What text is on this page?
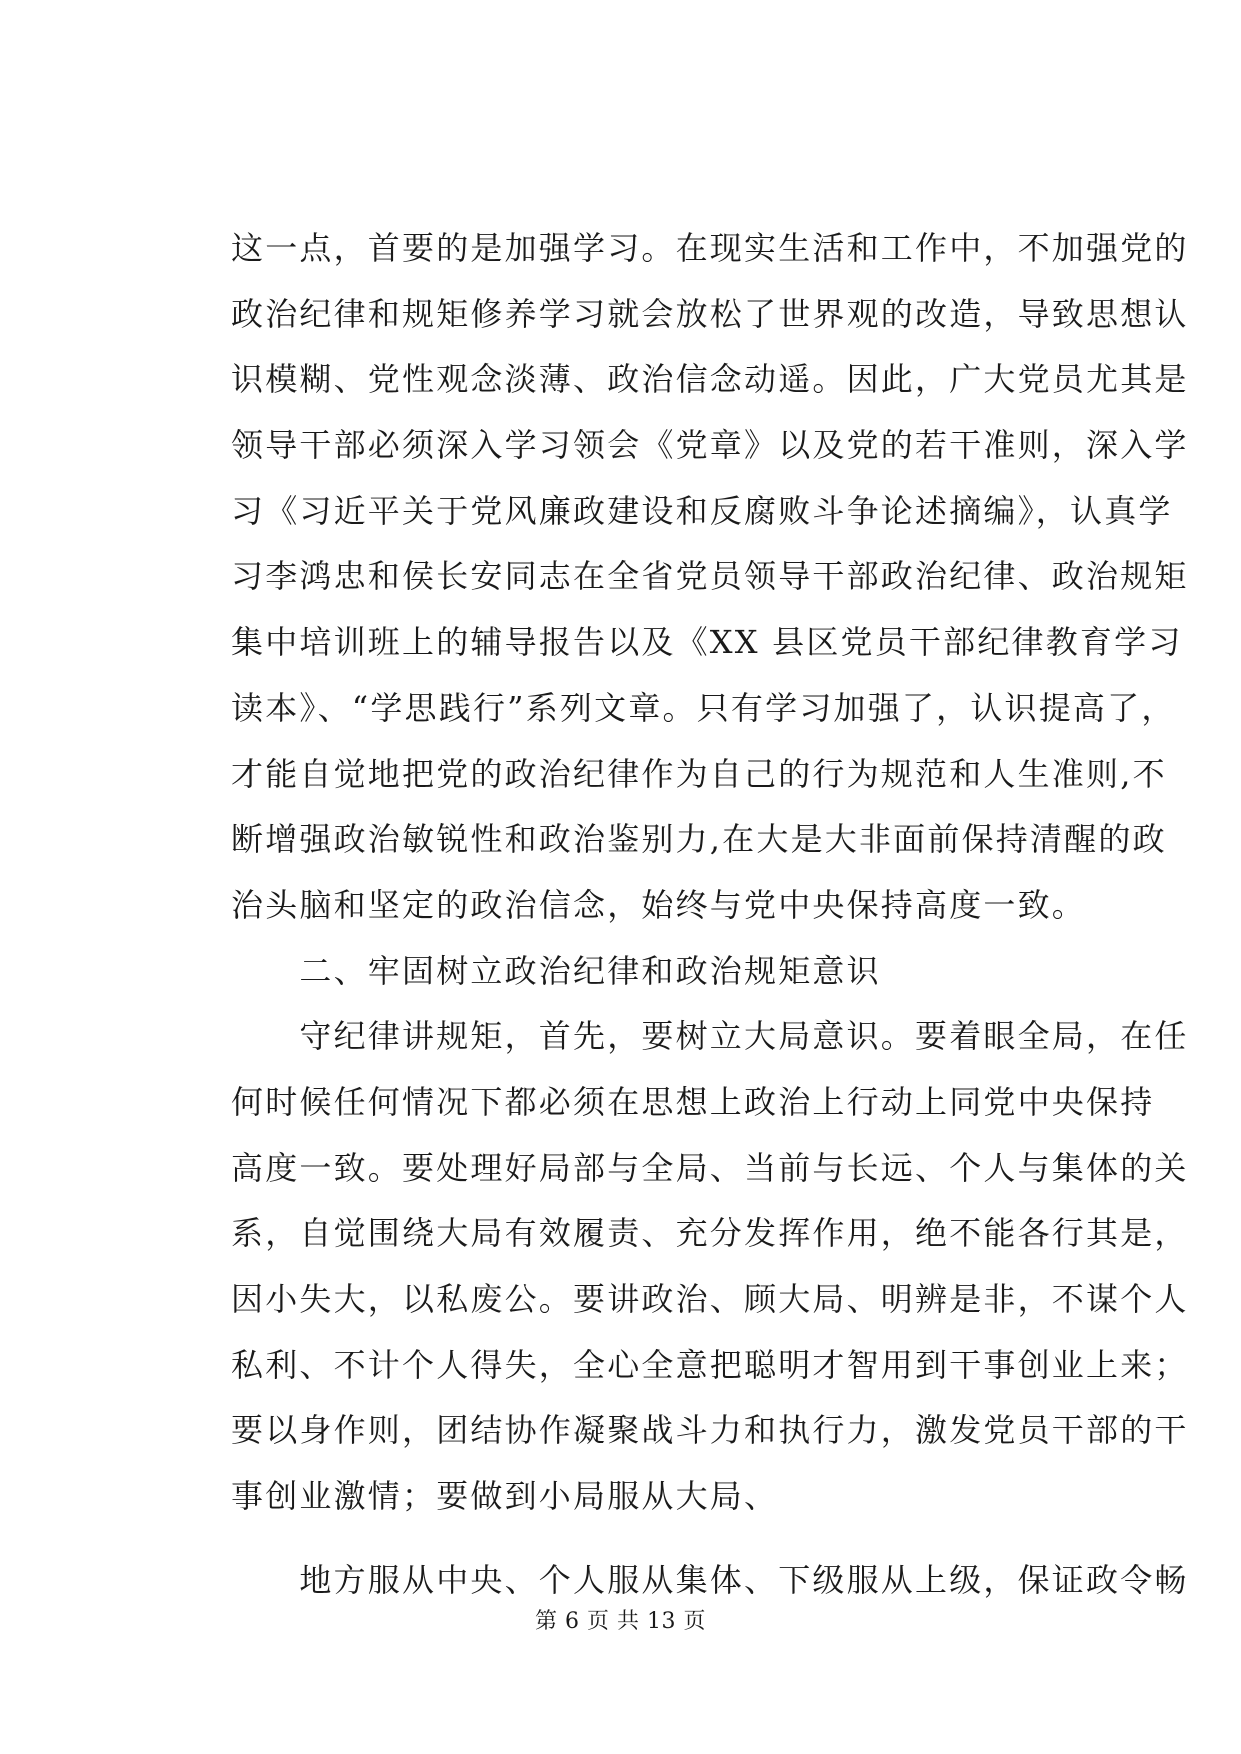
这一点，首要的是加强学习。在现实生活和工作中，不加强党的
政治纪律和规矩修养学习就会放松了世界观的改造，导致思想认
识模糊、党性观念淡薄、政治信念动遥。因此，广大党员尤其是
领导干部必须深入学习领会《党章》以及党的若干准则，深入学
习《习近平关于党风廉政建设和反腐败斗争论述摘编》，认真学
习李鸿忠和侯长安同志在全省党员领导干部政治纪律、政治规矩
集中培训班上的辅导报告以及《XX 县区党员干部纪律教育学习
读本》、“学思践行”系列文章。只有学习加强了，认识提高了，
才能自觉地把党的政治纪律作为自己的行为规范和人生准则,不
断增强政治敏锐性和政治鉴别力,在大是大非面前保持清醒的政
治头脑和坚定的政治信念，始终与党中央保持高度一致。
　　二、牢固树立政治纪律和政治规矩意识
　　守纪律讲规矩，首先，要树立大局意识。要着眼全局，在任
何时候任何情况下都必须在思想上政治上行动上同党中央保持
高度一致。要处理好局部与全局、当前与长远、个人与集体的关
系，自觉围绕大局有效履责、充分发挥作用，绝不能各行其是，
因小失大，以私废公。要讲政治、顾大局、明辨是非，不谋个人
私利、不计个人得失，全心全意把聪明才智用到干事创业上来；
要以身作则，团结协作凝聚战斗力和执行力，激发党员干部的干
事创业激情；要做到小局服从大局、
　　地方服从中央、个人服从集体、下级服从上级，保证政令畅
第 6 页 共 13 页
